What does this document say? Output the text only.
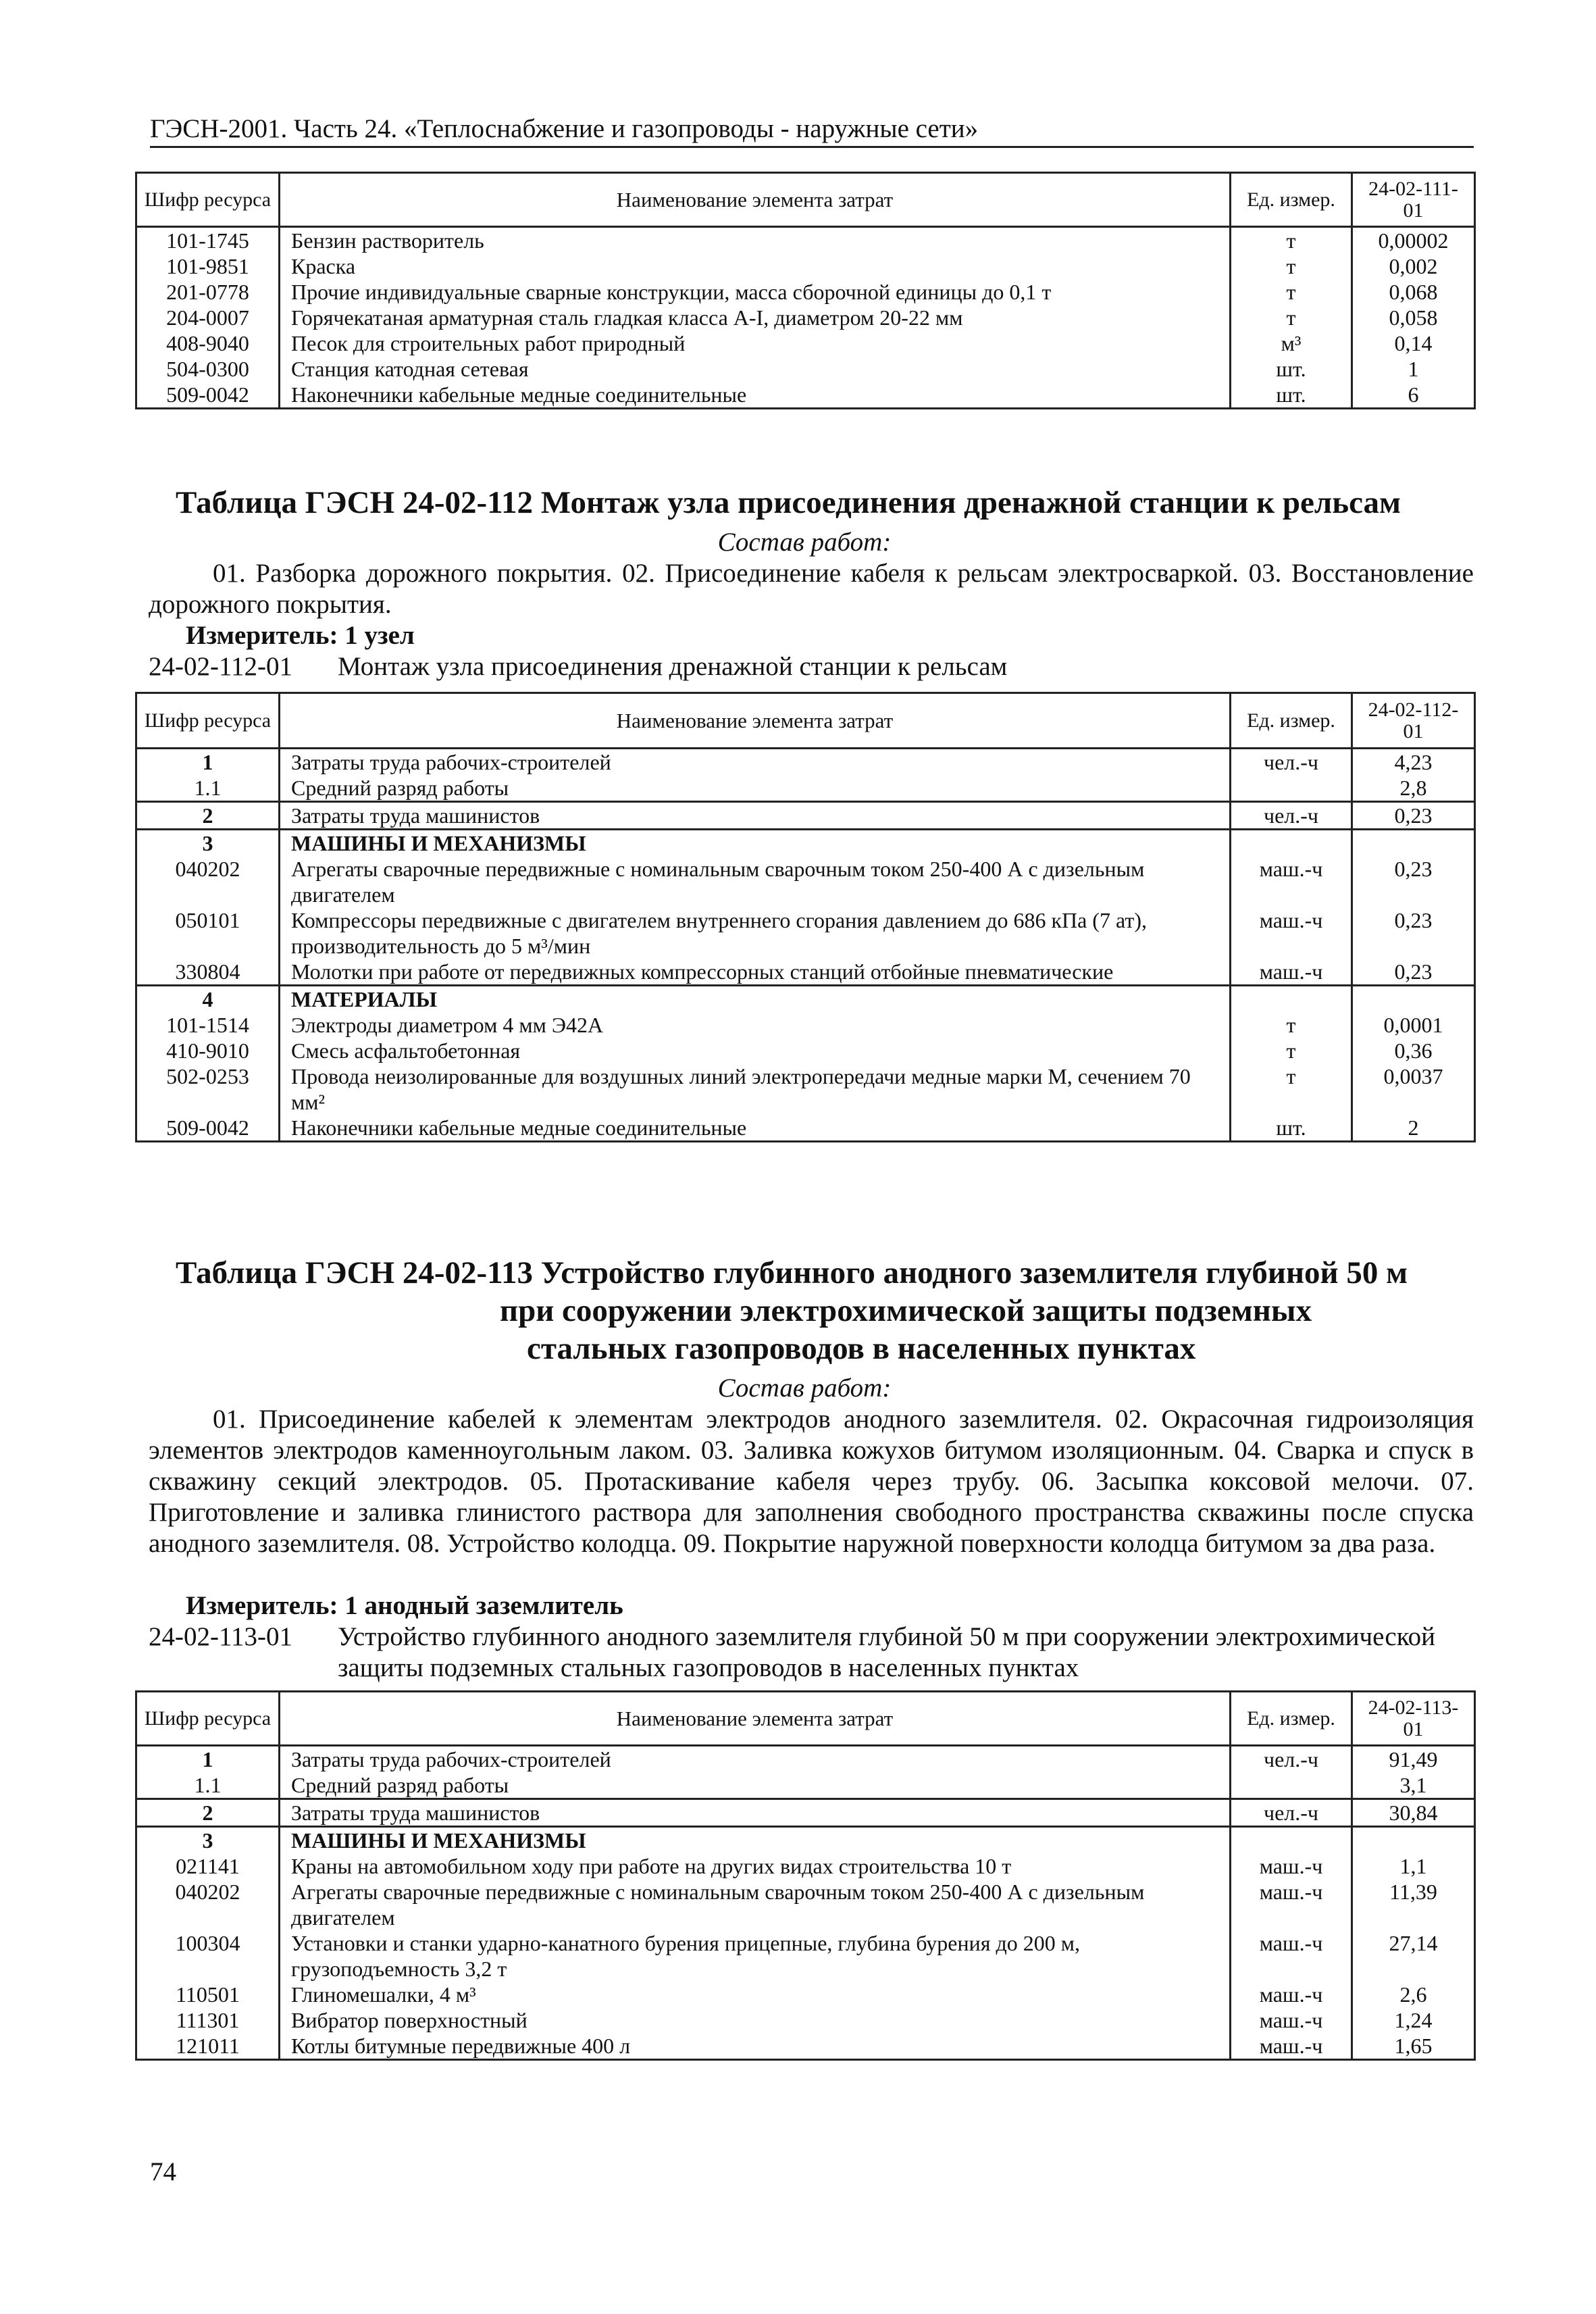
ГЭСН-2001. Часть 24. «Теплоснабжение и газопроводы - наружные сети»
Шифр ресурса	Наименование элемента затрат	Ед. измер.	24-02-111-01
101-1745	Бензин растворитель	т	0,00002
101-9851	Краска	т	0,002
201-0778	Прочие индивидуальные сварные конструкции, масса сборочной единицы до 0,1 т	т	0,068
204-0007	Горячекатаная арматурная сталь гладкая класса А-I, диаметром 20-22 мм	т	0,058
408-9040	Песок для строительных работ природный	м³	0,14
504-0300	Станция катодная сетевая	шт.	1
509-0042	Наконечники кабельные медные соединительные	шт.	6
Таблица ГЭСН 24-02-112 Монтаж узла присоединения дренажной станции к рельсам
Состав работ:
01. Разборка дорожного покрытия. 02. Присоединение кабеля к рельсам электросваркой. 03. Восстановление дорожного покрытия.
Измеритель: 1 узел
24-02-112-01	Монтаж узла присоединения дренажной станции к рельсам
Шифр ресурса	Наименование элемента затрат	Ед. измер.	24-02-112-01
1	Затраты труда рабочих-строителей	чел.-ч	4,23
1.1	Средний разряд работы		2,8
2	Затраты труда машинистов	чел.-ч	0,23
3	МАШИНЫ И МЕХАНИЗМЫ		
040202	Агрегаты сварочные передвижные с номинальным сварочным током 250-400 А с дизельным двигателем	маш.-ч	0,23
050101	Компрессоры передвижные с двигателем внутреннего сгорания давлением до 686 кПа (7 ат), производительность до 5 м³/мин	маш.-ч	0,23
330804	Молотки при работе от передвижных компрессорных станций отбойные пневматические	маш.-ч	0,23
4	МАТЕРИАЛЫ		
101-1514	Электроды диаметром 4 мм Э42А	т	0,0001
410-9010	Смесь асфальтобетонная	т	0,36
502-0253	Провода неизолированные для воздушных линий электропередачи медные марки М, сечением 70 мм²	т	0,0037
509-0042	Наконечники кабельные медные соединительные	шт.	2
Таблица ГЭСН 24-02-113 Устройство глубинного анодного заземлителя глубиной 50 м
при сооружении электрохимической защиты подземных
стальных газопроводов в населенных пунктах
Состав работ:
01. Присоединение кабелей к элементам электродов анодного заземлителя. 02. Окрасочная гидроизоляция элементов электродов каменноугольным лаком. 03. Заливка кожухов битумом изоляционным. 04. Сварка и спуск в скважину секций электродов. 05. Протаскивание кабеля через трубу. 06. Засыпка коксовой мелочи. 07. Приготовление и заливка глинистого раствора для заполнения свободного пространства скважины после спуска анодного заземлителя. 08. Устройство колодца. 09. Покрытие наружной поверхности колодца битумом за два раза.
Измеритель: 1 анодный заземлитель
24-02-113-01	Устройство глубинного анодного заземлителя глубиной 50 м при сооружении электрохимической защиты подземных стальных газопроводов в населенных пунктах
Шифр ресурса	Наименование элемента затрат	Ед. измер.	24-02-113-01
1	Затраты труда рабочих-строителей	чел.-ч	91,49
1.1	Средний разряд работы		3,1
2	Затраты труда машинистов	чел.-ч	30,84
3	МАШИНЫ И МЕХАНИЗМЫ		
021141	Краны на автомобильном ходу при работе на других видах строительства 10 т	маш.-ч	1,1
040202	Агрегаты сварочные передвижные с номинальным сварочным током 250-400 А с дизельным двигателем	маш.-ч	11,39
100304	Установки и станки ударно-канатного бурения прицепные, глубина бурения до 200 м, грузоподъемность 3,2 т	маш.-ч	27,14
110501	Глиномешалки, 4 м³	маш.-ч	2,6
111301	Вибратор поверхностный	маш.-ч	1,24
121011	Котлы битумные передвижные 400 л	маш.-ч	1,65
74
